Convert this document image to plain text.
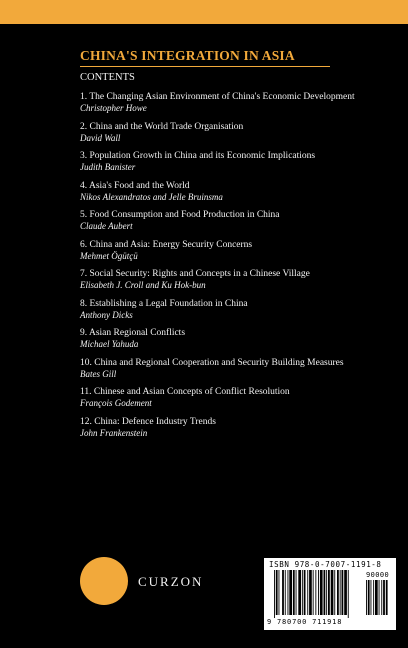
CHINA'S INTEGRATION IN ASIA
CONTENTS
1. The Changing Asian Environment of China's Economic Development
Christopher Howe
2. China and the World Trade Organisation
David Wall
3. Population Growth in China and its Economic Implications
Judith Banister
4. Asia's Food and the World
Nikos Alexandratos and Jelle Bruinsma
5. Food Consumption and Food Production in China
Claude Aubert
6. China and Asia: Energy Security Concerns
Mehmet Ögütçü
7. Social Security: Rights and Concepts in a Chinese Village
Elisabeth J. Croll and Ku Hok-bun
8. Establishing a Legal Foundation in China
Anthony Dicks
9. Asian Regional Conflicts
Michael Yahuda
10. China and Regional Cooperation and Security Building Measures
Bates Gill
11. Chinese and Asian Concepts of Conflict Resolution
François Godement
12. China: Defence Industry Trends
John Frankenstein
CURZON
ISBN 978-0-7007-1191-8
90000
9 780700 711918
